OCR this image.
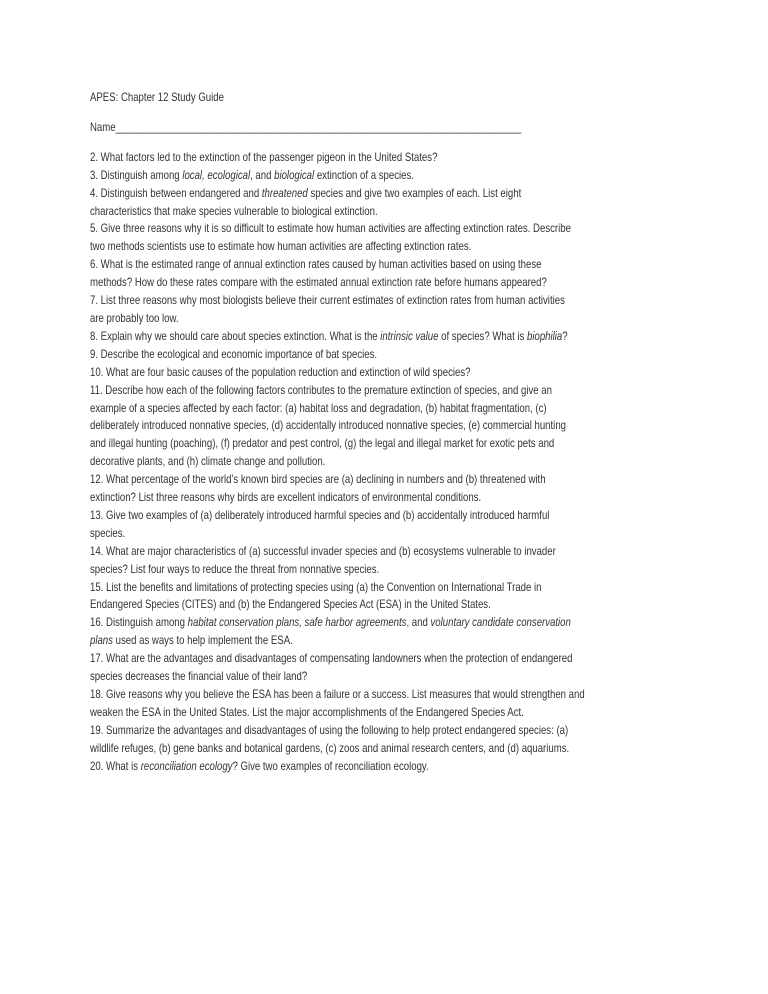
APES: Chapter 12 Study Guide

Name____________________________________________________________________________

2. What factors led to the extinction of the passenger pigeon in the United States?
3. Distinguish among local, ecological, and biological extinction of a species.
4. Distinguish between endangered and threatened species and give two examples of each. List eight
characteristics that make species vulnerable to biological extinction.
5. Give three reasons why it is so difficult to estimate how human activities are affecting extinction rates. Describe
two methods scientists use to estimate how human activities are affecting extinction rates.
6. What is the estimated range of annual extinction rates caused by human activities based on using these
methods? How do these rates compare with the estimated annual extinction rate before humans appeared?
7. List three reasons why most biologists believe their current estimates of extinction rates from human activities
are probably too low.
8. Explain why we should care about species extinction. What is the intrinsic value of species? What is biophilia?
9. Describe the ecological and economic importance of bat species.
10. What are four basic causes of the population reduction and extinction of wild species?
11. Describe how each of the following factors contributes to the premature extinction of species, and give an
example of a species affected by each factor: (a) habitat loss and degradation, (b) habitat fragmentation, (c)
deliberately introduced nonnative species, (d) accidentally introduced nonnative species, (e) commercial hunting
and illegal hunting (poaching), (f) predator and pest control, (g) the legal and illegal market for exotic pets and
decorative plants, and (h) climate change and pollution.
12. What percentage of the world’s known bird species are (a) declining in numbers and (b) threatened with
extinction? List three reasons why birds are excellent indicators of environmental conditions.
13. Give two examples of (a) deliberately introduced harmful species and (b) accidentally introduced harmful
species.
14. What are major characteristics of (a) successful invader species and (b) ecosystems vulnerable to invader
species? List four ways to reduce the threat from nonnative species.
15. List the benefits and limitations of protecting species using (a) the Convention on International Trade in
Endangered Species (CITES) and (b) the Endangered Species Act (ESA) in the United States.
16. Distinguish among habitat conservation plans, safe harbor agreements, and voluntary candidate conservation
plans used as ways to help implement the ESA.
17. What are the advantages and disadvantages of compensating landowners when the protection of endangered
species decreases the financial value of their land?
18. Give reasons why you believe the ESA has been a failure or a success. List measures that would strengthen and
weaken the ESA in the United States. List the major accomplishments of the Endangered Species Act.
19. Summarize the advantages and disadvantages of using the following to help protect endangered species: (a)
wildlife refuges, (b) gene banks and botanical gardens, (c) zoos and animal research centers, and (d) aquariums.
20. What is reconciliation ecology? Give two examples of reconciliation ecology.
